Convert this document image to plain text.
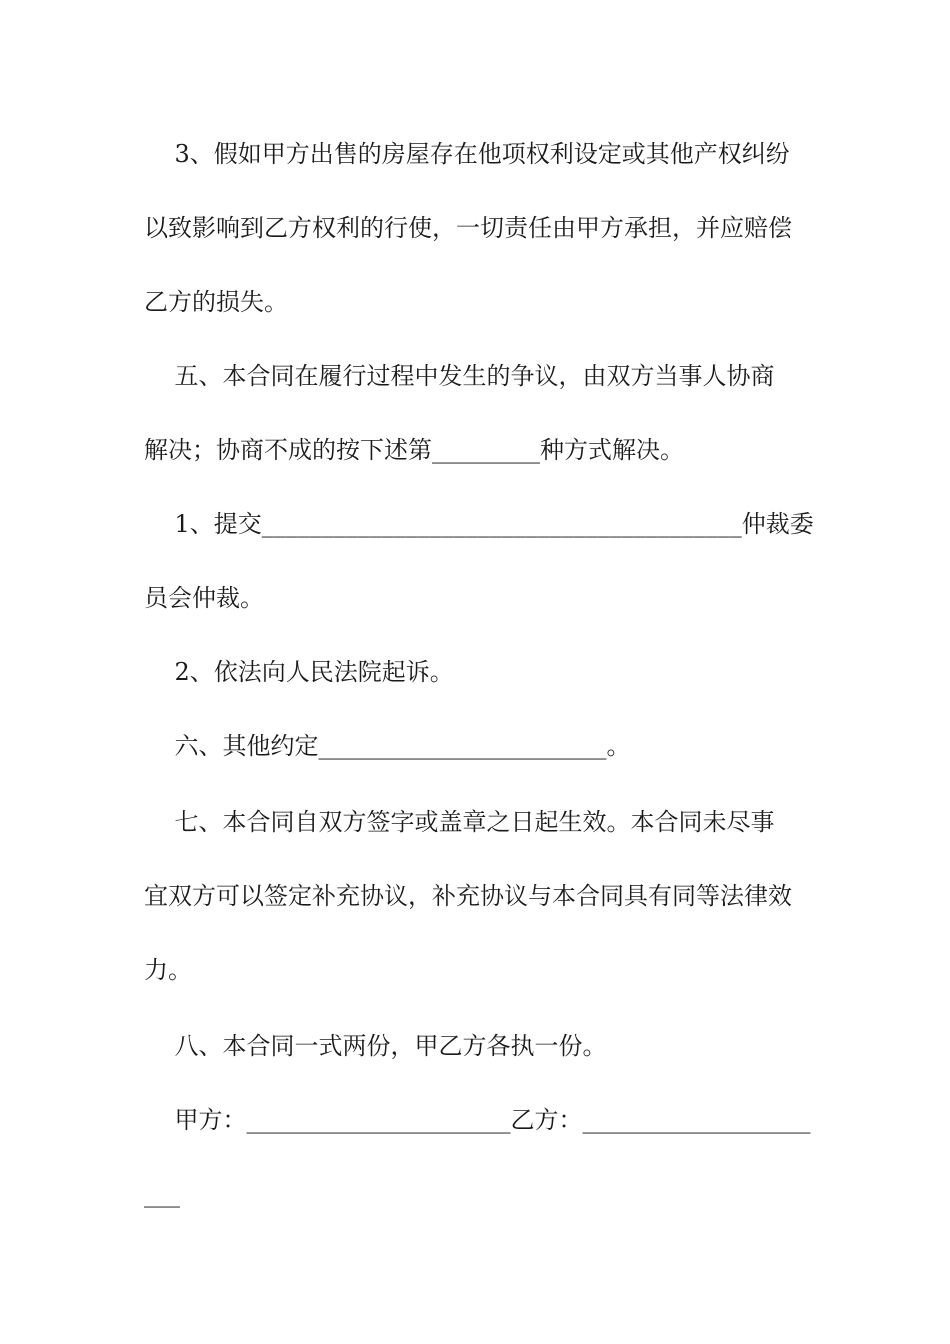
3、假如甲方出售的房屋存在他项权利设定或其他产权纠纷
以致影响到乙方权利的行使，一切责任由甲方承担，并应赔偿
乙方的损失。
五、本合同在履行过程中发生的争议，由双方当事人协商
解决；协商不成的按下述第_________种方式解决。
1、提交________________________________________仲裁委
员会仲裁。
2、依法向人民法院起诉。
六、其他约定________________________。
七、本合同自双方签字或盖章之日起生效。本合同未尽事
宜双方可以签定补充协议，补充协议与本合同具有同等法律效
力。
八、本合同一式两份，甲乙方各执一份。
甲方：______________________乙方：___________________
___
